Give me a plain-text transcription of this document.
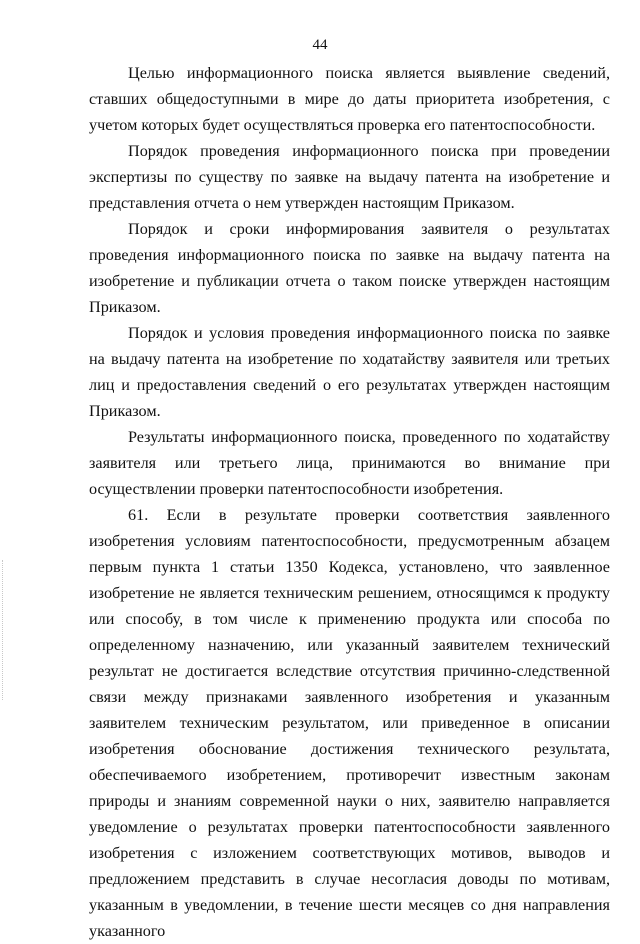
44

Целью информационного поиска является выявление сведений, ставших общедоступными в мире до даты приоритета изобретения, с учетом которых будет осуществляться проверка его патентоспособности.

Порядок проведения информационного поиска при проведении экспертизы по существу по заявке на выдачу патента на изобретение и представления отчета о нем утвержден настоящим Приказом.

Порядок и сроки информирования заявителя о результатах проведения информационного поиска по заявке на выдачу патента на изобретение и публикации отчета о таком поиске утвержден настоящим Приказом.

Порядок и условия проведения информационного поиска по заявке на выдачу патента на изобретение по ходатайству заявителя или третьих лиц и предоставления сведений о его результатах утвержден настоящим Приказом.

Результаты информационного поиска, проведенного по ходатайству заявителя или третьего лица, принимаются во внимание при осуществлении проверки патентоспособности изобретения.

61. Если в результате проверки соответствия заявленного изобретения условиям патентоспособности, предусмотренным абзацем первым пункта 1 статьи 1350 Кодекса, установлено, что заявленное изобретение не является техническим решением, относящимся к продукту или способу, в том числе к применению продукта или способа по определенному назначению, или указанный заявителем технический результат не достигается вследствие отсутствия причинно-следственной связи между признаками заявленного изобретения и указанным заявителем техническим результатом, или приведенное в описании изобретения обоснование достижения технического результата, обеспечиваемого изобретением, противоречит известным законам природы и знаниям современной науки о них, заявителю направляется уведомление о результатах проверки патентоспособности заявленного изобретения с изложением соответствующих мотивов, выводов и предложением представить в случае несогласия доводы по мотивам, указанным в уведомлении, в течение шести месяцев со дня направления указанного
